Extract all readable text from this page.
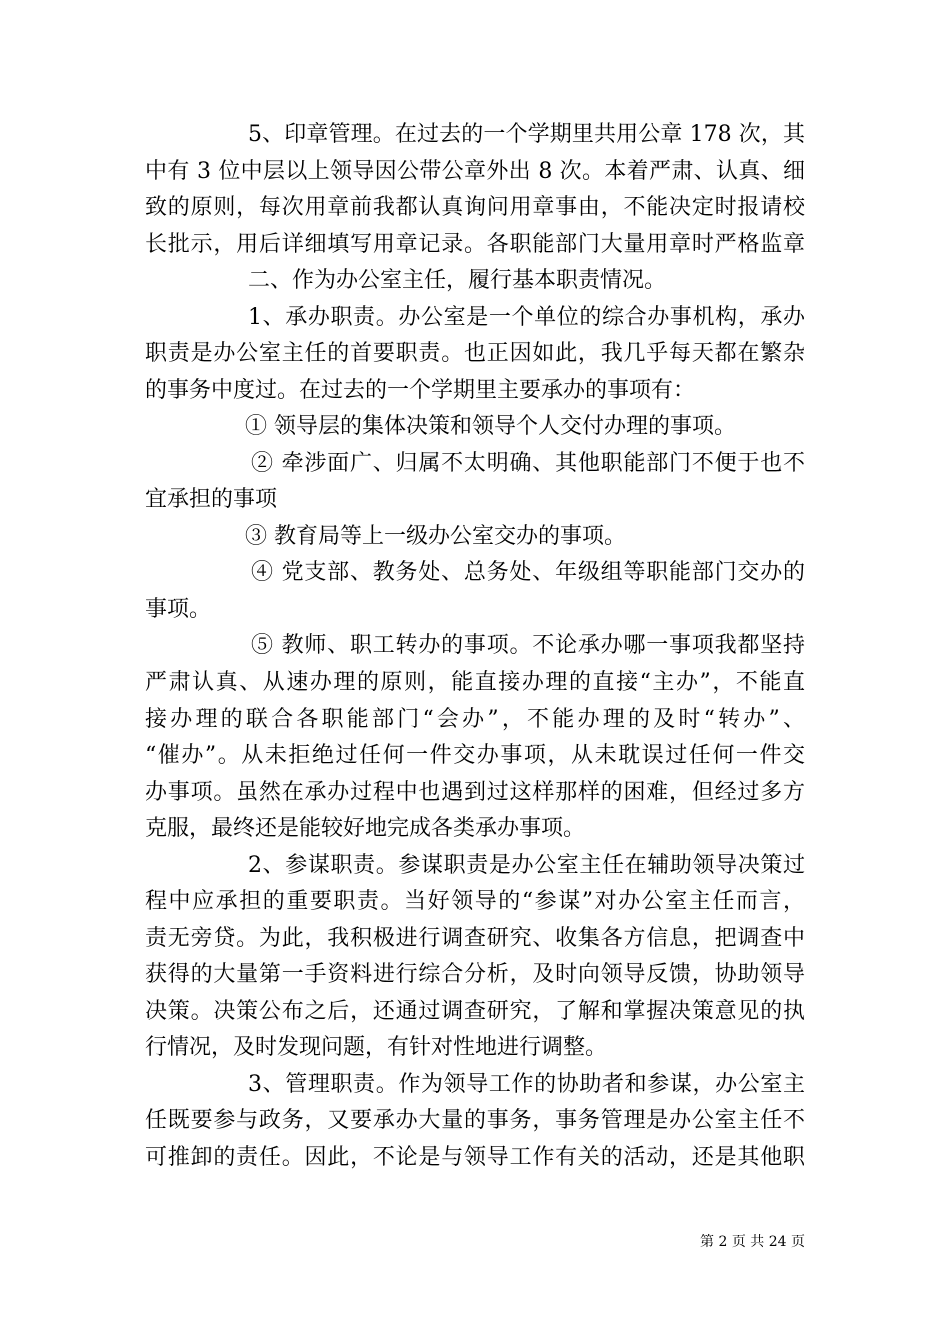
5、印章管理。在过去的一个学期里共用公章 178 次，其
中有 3 位中层以上领导因公带公章外出 8 次。本着严肃、认真、细
致的原则，每次用章前我都认真询问用章事由，不能决定时报请校
长批示，用后详细填写用章记录。各职能部门大量用章时严格监章
二、作为办公室主任，履行基本职责情况。
1、承办职责。办公室是一个单位的综合办事机构，承办
职责是办公室主任的首要职责。也正因如此，我几乎每天都在繁杂
的事务中度过。在过去的一个学期里主要承办的事项有：
① 领导层的集体决策和领导个人交付办理的事项。
② 牵涉面广、归属不太明确、其他职能部门不便于也不
宜承担的事项
③ 教育局等上一级办公室交办的事项。
④ 党支部、教务处、总务处、年级组等职能部门交办的
事项。
⑤ 教师、职工转办的事项。不论承办哪一事项我都坚持
严肃认真、从速办理的原则，能直接办理的直接“主办”，不能直
接办理的联合各职能部门“会办”，不能办理的及时“转办”、
“催办”。从未拒绝过任何一件交办事项，从未耽误过任何一件交
办事项。虽然在承办过程中也遇到过这样那样的困难，但经过多方
克服，最终还是能较好地完成各类承办事项。
2、参谋职责。参谋职责是办公室主任在辅助领导决策过
程中应承担的重要职责。当好领导的“参谋”对办公室主任而言，
责无旁贷。为此，我积极进行调查研究、收集各方信息，把调查中
获得的大量第一手资料进行综合分析，及时向领导反馈，协助领导
决策。决策公布之后，还通过调查研究，了解和掌握决策意见的执
行情况，及时发现问题，有针对性地进行调整。
3、管理职责。作为领导工作的协助者和参谋，办公室主
任既要参与政务，又要承办大量的事务，事务管理是办公室主任不
可推卸的责任。因此，不论是与领导工作有关的活动，还是其他职
第 2 页 共 24 页
